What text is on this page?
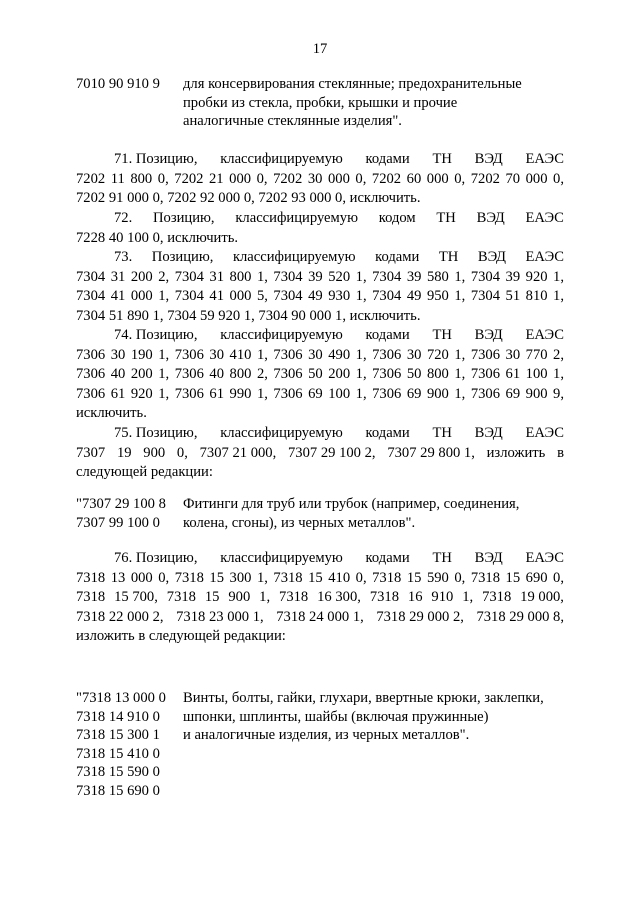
17
7010 90 910 9	для консервирования стеклянные; предохранительные
пробки из стекла, пробки, крышки и прочие
аналогичные стеклянные изделия".
71. Позицию, классифицируемую кодами ТН ВЭД ЕАЭС
7202 11 800 0, 7202 21 000 0, 7202 30 000 0, 7202 60 000 0, 7202 70 000 0,
7202 91 000 0, 7202 92 000 0, 7202 93 000 0, исключить.
72. Позицию, классифицируемую кодом ТН ВЭД ЕАЭС
7228 40 100 0, исключить.
73. Позицию, классифицируемую кодами ТН ВЭД ЕАЭС
7304 31 200 2, 7304 31 800 1, 7304 39 520 1, 7304 39 580 1, 7304 39 920 1,
7304 41 000 1, 7304 41 000 5, 7304 49 930 1, 7304 49 950 1, 7304 51 810 1,
7304 51 890 1, 7304 59 920 1, 7304 90 000 1, исключить.
74. Позицию, классифицируемую кодами ТН ВЭД ЕАЭС
7306 30 190 1, 7306 30 410 1, 7306 30 490 1, 7306 30 720 1, 7306 30 770 2,
7306 40 200 1, 7306 40 800 2, 7306 50 200 1, 7306 50 800 1, 7306 61 100 1,
7306 61 920 1, 7306 61 990 1, 7306 69 100 1, 7306 69 900 1, 7306 69 900 9,
исключить.
75. Позицию, классифицируемую кодами ТН ВЭД ЕАЭС
7307 19 900 0, 7307 21 000, 7307 29 100 2, 7307 29 800 1, изложить в
следующей редакции:
"7307 29 100 8
7307 99 100 0
Фитинги для труб или трубок (например, соединения,
колена, сгоны), из черных металлов".
76. Позицию, классифицируемую кодами ТН ВЭД ЕАЭС
7318 13 000 0, 7318 15 300 1, 7318 15 410 0, 7318 15 590 0, 7318 15 690 0,
7318 15 700, 7318 15 900 1, 7318 16 300, 7318 16 910 1, 7318 19 000,
7318 22 000 2, 7318 23 000 1, 7318 24 000 1, 7318 29 000 2, 7318 29 000 8,
изложить в следующей редакции:
"7318 13 000 0
7318 14 910 0
7318 15 300 1
7318 15 410 0
7318 15 590 0
7318 15 690 0
Винты, болты, гайки, глухари, ввертные крюки, заклепки,
шпонки, шплинты, шайбы (включая пружинные)
и аналогичные изделия, из черных металлов".
